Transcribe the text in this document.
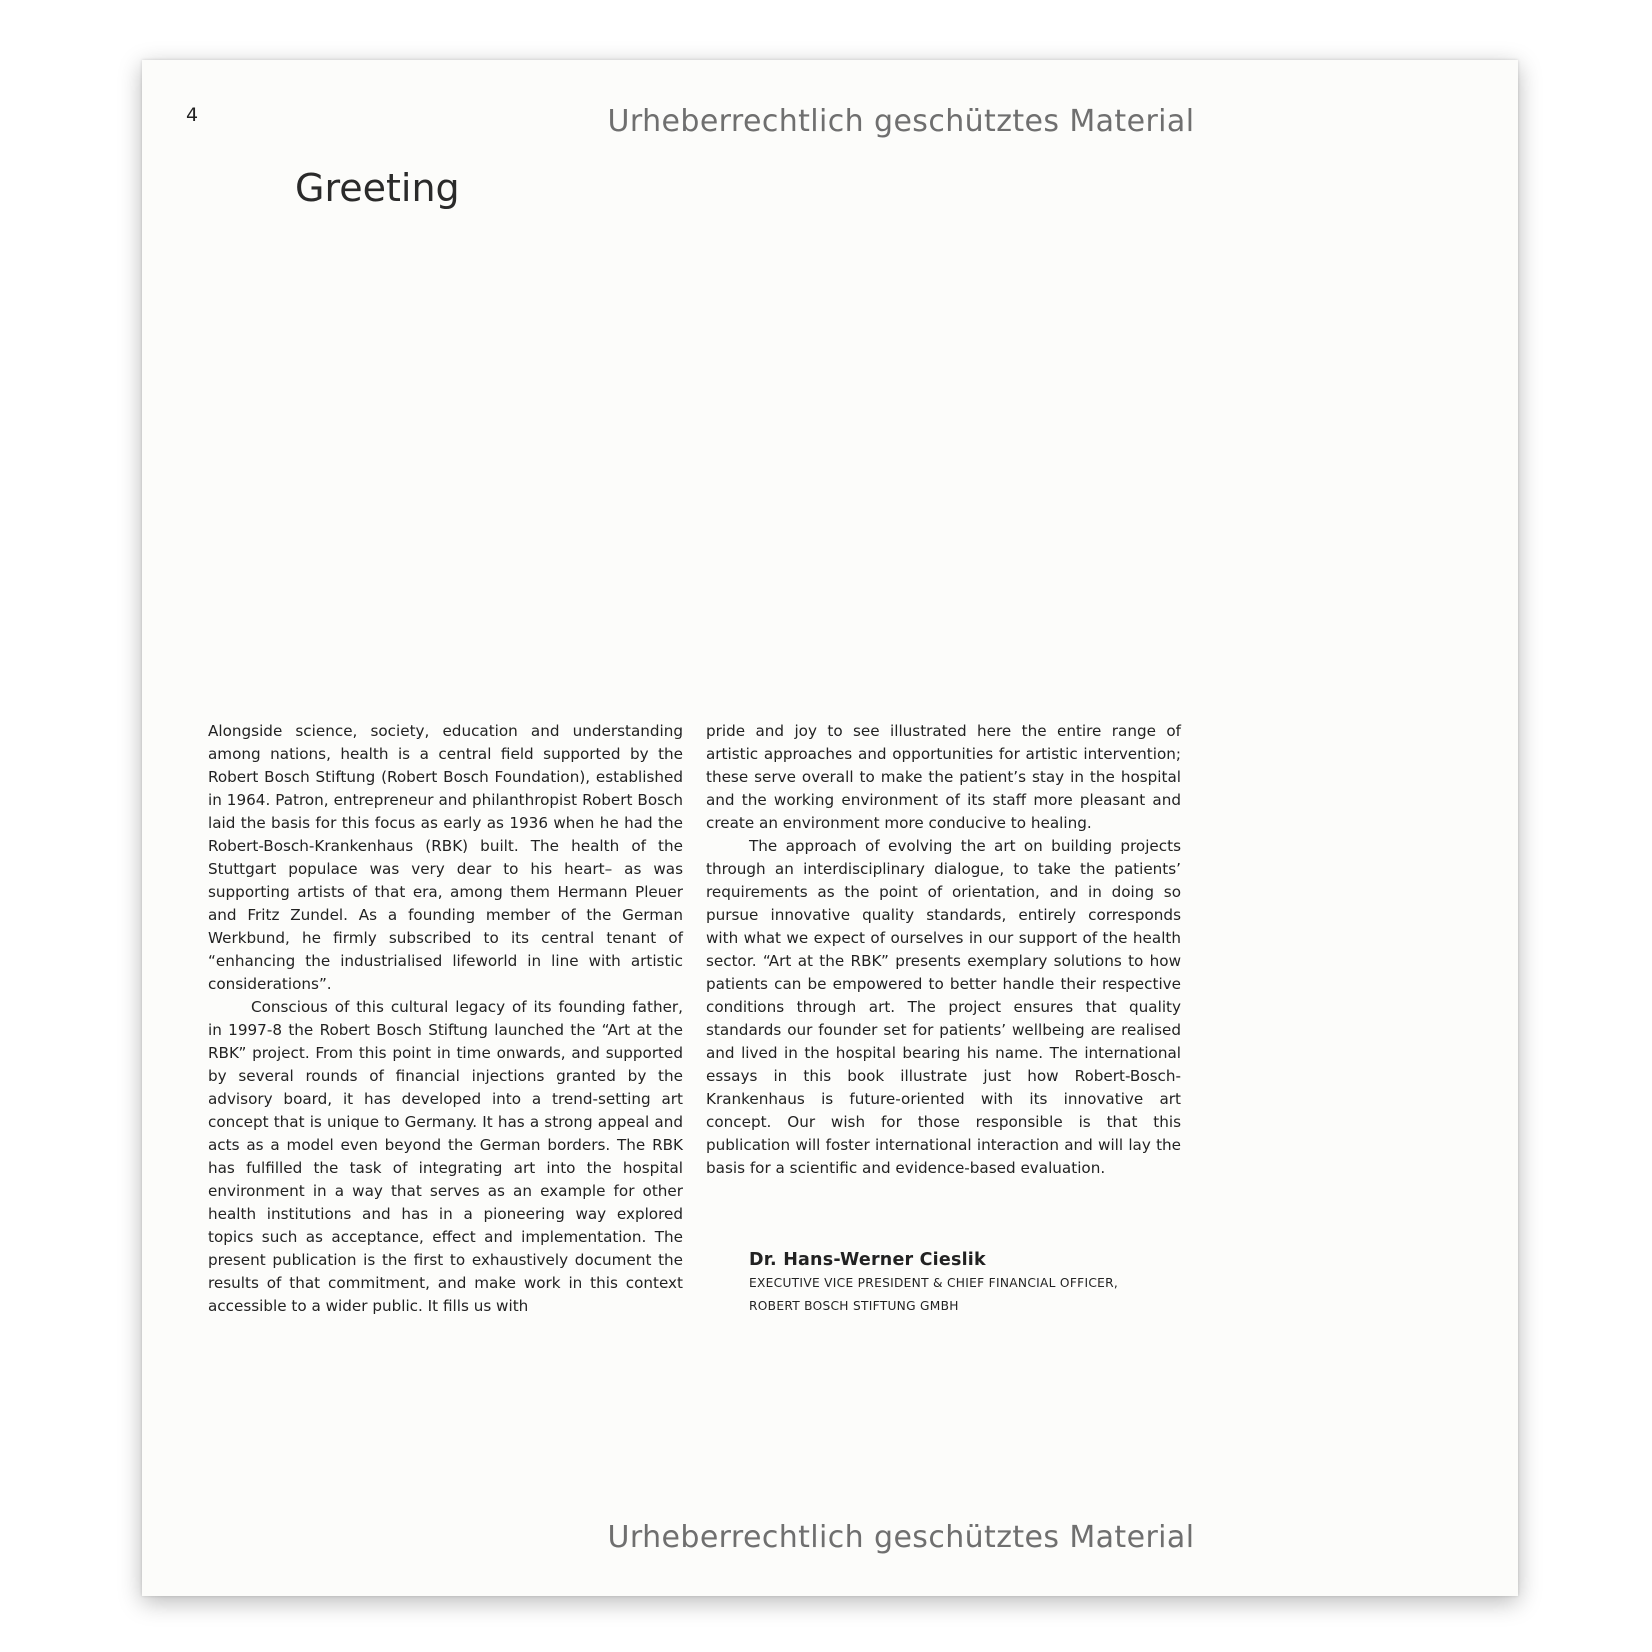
4	Urheberrechtlich geschütztes Material
Greeting

Alongside science, society, education and understanding among nations, health is a central field supported by the Robert Bosch Stiftung (Robert Bosch Foundation), established in 1964. Patron, entrepreneur and philanthropist Robert Bosch laid the basis for this focus as early as 1936 when he had the Robert-Bosch-Krankenhaus (RBK) built. The health of the Stuttgart populace was very dear to his heart– as was supporting artists of that era, among them Hermann Pleuer and Fritz Zundel. As a founding member of the German Werkbund, he firmly subscribed to its central tenant of “enhancing the industrialised lifeworld in line with artistic considerations”.

Conscious of this cultural legacy of its founding father, in 1997-8 the Robert Bosch Stiftung launched the “Art at the RBK” project. From this point in time onwards, and supported by several rounds of financial injections granted by the advisory board, it has developed into a trend-setting art concept that is unique to Germany. It has a strong appeal and acts as a model even beyond the German borders. The RBK has fulfilled the task of integrating art into the hospital environment in a way that serves as an example for other health institutions and has in a pioneering way explored topics such as acceptance, effect and implementation. The present publication is the first to exhaustively document the results of that commitment, and make work in this context accessible to a wider public. It fills us with

pride and joy to see illustrated here the entire range of artistic approaches and opportunities for artistic intervention; these serve overall to make the patient’s stay in the hospital and the working environment of its staff more pleasant and create an environment more conducive to healing.

The approach of evolving the art on building projects through an interdisciplinary dialogue, to take the patients’ requirements as the point of orientation, and in doing so pursue innovative quality standards, entirely corresponds with what we expect of ourselves in our support of the health sector. “Art at the RBK” presents exemplary solutions to how patients can be empowered to better handle their respective conditions through art. The project ensures that quality standards our founder set for patients’ wellbeing are realised and lived in the hospital bearing his name. The international essays in this book illustrate just how Robert-Bosch-Krankenhaus is future-oriented with its innovative art concept. Our wish for those responsible is that this publication will foster international interaction and will lay the basis for a scientific and evidence-based evaluation.

Dr. Hans-Werner Cieslik
EXECUTIVE VICE PRESIDENT & CHIEF FINANCIAL OFFICER,
ROBERT BOSCH STIFTUNG GMBH
Urheberrechtlich geschütztes Material
